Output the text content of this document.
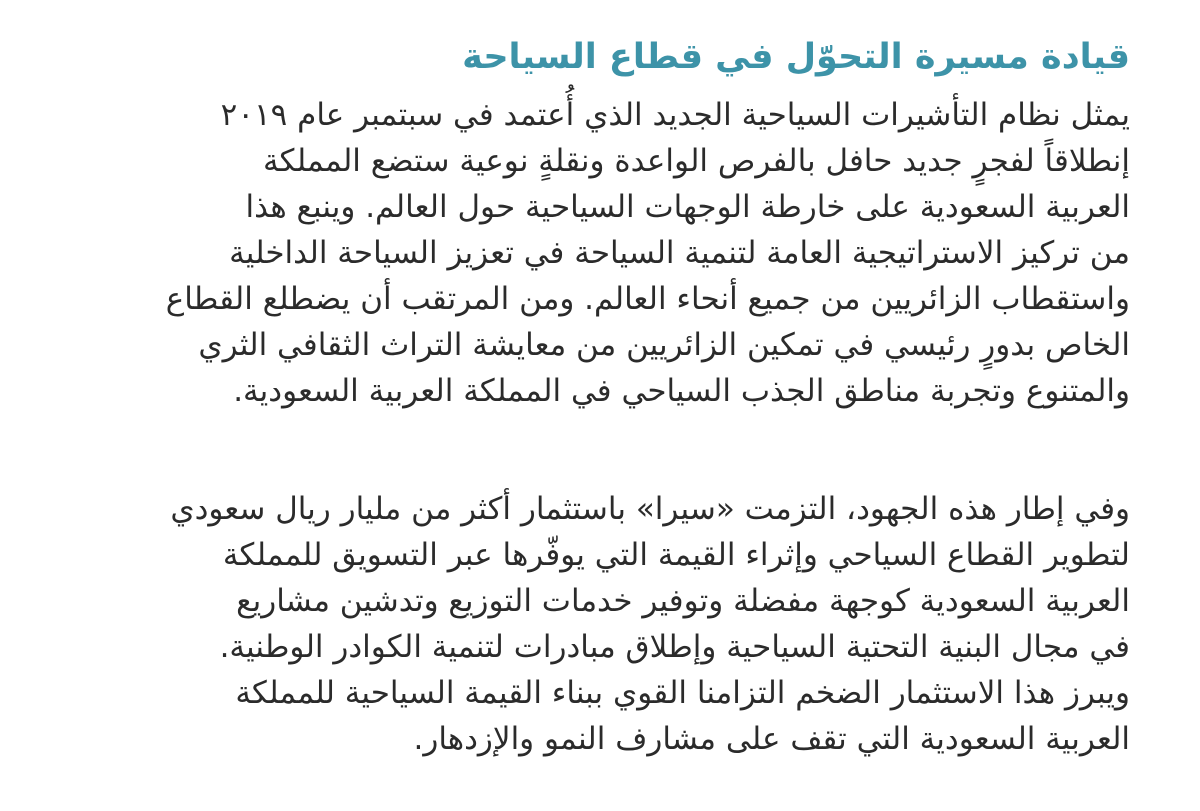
قيادة مسيرة التحوّل في قطاع السياحة

يمثل نظام التأشيرات السياحية الجديد الذي أُعتمد في سبتمبر عام ٢٠١٩
إنطلاقاً لفجرٍ جديد حافل بالفرص الواعدة ونقلةٍ نوعية ستضع المملكة
العربية السعودية على خارطة الوجهات السياحية حول العالم. وينبع هذا
من تركيز الاستراتيجية العامة لتنمية السياحة في تعزيز السياحة الداخلية
واستقطاب الزائريين من جميع أنحاء العالم. ومن المرتقب أن يضطلع القطاع
الخاص بدورٍ رئيسي في تمكين الزائريين من معايشة التراث الثقافي الثري
والمتنوع وتجربة مناطق الجذب السياحي في المملكة العربية السعودية.

وفي إطار هذه الجهود، التزمت «سيرا» باستثمار أكثر من مليار ريال سعودي
لتطوير القطاع السياحي وإثراء القيمة التي يوفّرها عبر التسويق للمملكة
العربية السعودية كوجهة مفضلة وتوفير خدمات التوزيع وتدشين مشاريع
في مجال البنية التحتية السياحية وإطلاق مبادرات لتنمية الكوادر الوطنية.
ويبرز هذا الاستثمار الضخم التزامنا القوي ببناء القيمة السياحية للمملكة
العربية السعودية التي تقف على مشارف النمو والإزدهار.
